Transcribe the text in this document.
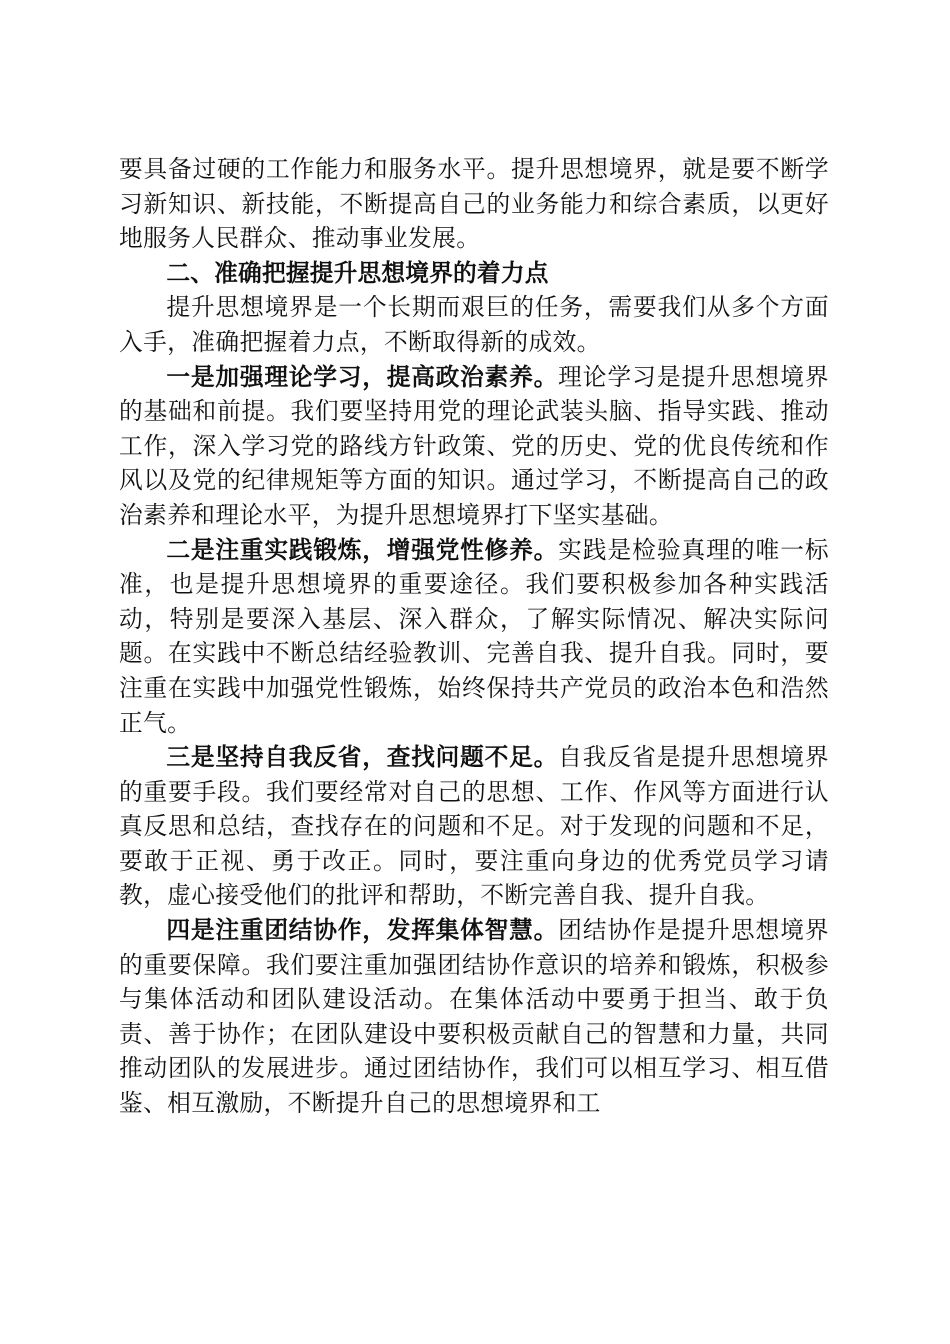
要具备过硬的工作能力和服务水平。提升思想境界，就是要不断学习新知识、新技能，不断提高自己的业务能力和综合素质，以更好地服务人民群众、推动事业发展。

二、准确把握提升思想境界的着力点

提升思想境界是一个长期而艰巨的任务，需要我们从多个方面入手，准确把握着力点，不断取得新的成效。

一是加强理论学习，提高政治素养。理论学习是提升思想境界的基础和前提。我们要坚持用党的理论武装头脑、指导实践、推动工作，深入学习党的路线方针政策、党的历史、党的优良传统和作风以及党的纪律规矩等方面的知识。通过学习，不断提高自己的政治素养和理论水平，为提升思想境界打下坚实基础。

二是注重实践锻炼，增强党性修养。实践是检验真理的唯一标准，也是提升思想境界的重要途径。我们要积极参加各种实践活动，特别是要深入基层、深入群众，了解实际情况、解决实际问题。在实践中不断总结经验教训、完善自我、提升自我。同时，要注重在实践中加强党性锻炼，始终保持共产党员的政治本色和浩然正气。

三是坚持自我反省，查找问题不足。自我反省是提升思想境界的重要手段。我们要经常对自己的思想、工作、作风等方面进行认真反思和总结，查找存在的问题和不足。对于发现的问题和不足，要敢于正视、勇于改正。同时，要注重向身边的优秀党员学习请教，虚心接受他们的批评和帮助，不断完善自我、提升自我。

四是注重团结协作，发挥集体智慧。团结协作是提升思想境界的重要保障。我们要注重加强团结协作意识的培养和锻炼，积极参与集体活动和团队建设活动。在集体活动中要勇于担当、敢于负责、善于协作；在团队建设中要积极贡献自己的智慧和力量，共同推动团队的发展进步。通过团结协作，我们可以相互学习、相互借鉴、相互激励，不断提升自己的思想境界和工
